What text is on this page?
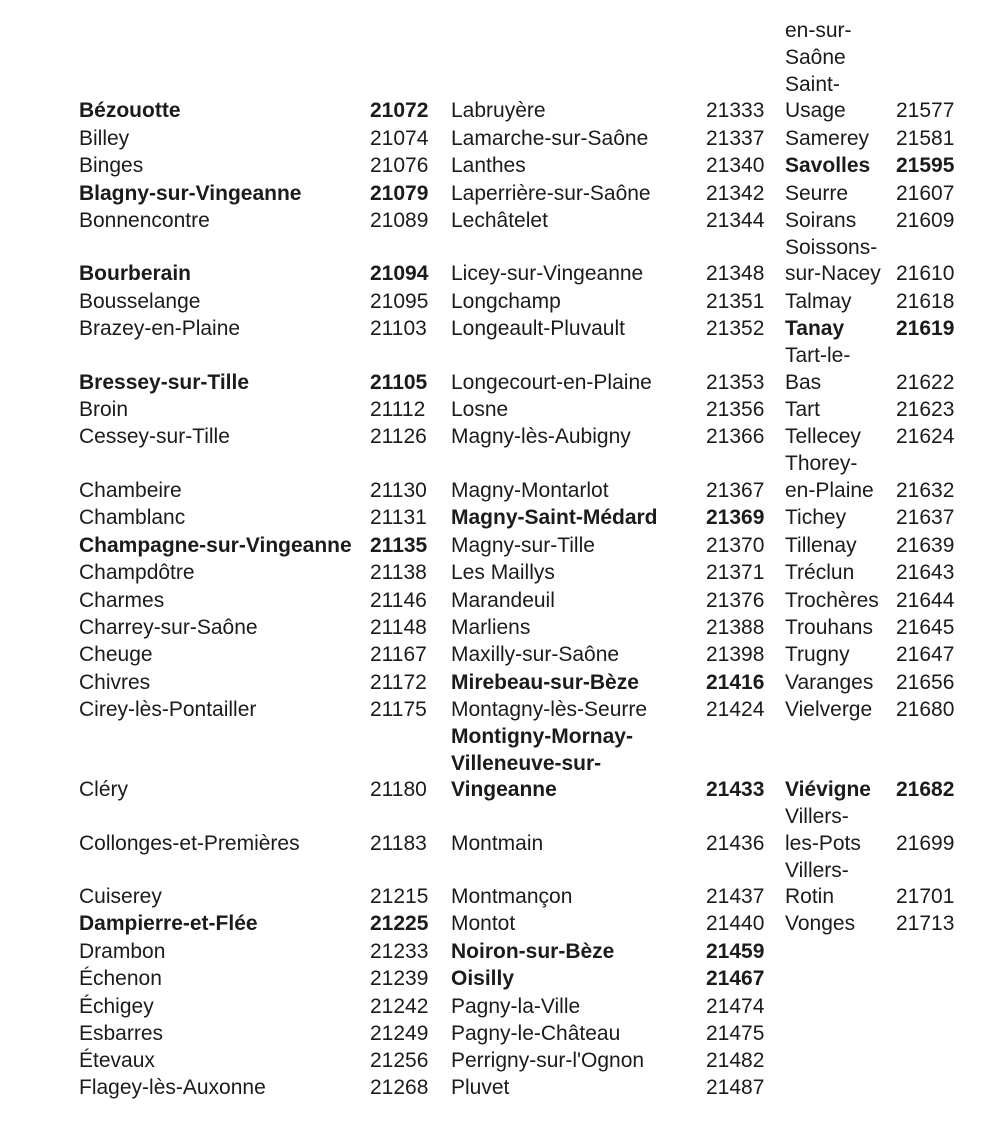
Bézouotte	21072
Billey	21074
Binges	21076
Blagny-sur-Vingeanne	21079
Bonnencontre	21089
Bourberain	21094
Bousselange	21095
Brazey-en-Plaine	21103
Bressey-sur-Tille	21105
Broin	21112
Cessey-sur-Tille	21126
Chambeire	21130
Chamblanc	21131
Champagne-sur-Vingeanne 21135
Champdôtre	21138
Charmes	21146
Charrey-sur-Saône	21148
Cheuge	21167
Chivres	21172
Cirey-lès-Pontailler	21175
Cléry	21180
Collonges-et-Premières	21183
Cuiserey	21215
Dampierre-et-Flée	21225
Drambon	21233
Échenon	21239
Échigey	21242
Esbarres	21249
Étevaux	21256
Flagey-lès-Auxonne	21268
Labruyère	21333
Lamarche-sur-Saône	21337
Lanthes	21340
Laperrière-sur-Saône	21342
Lechâtelet	21344
Licey-sur-Vingeanne	21348
Longchamp	21351
Longeault-Pluvault	21352
Longecourt-en-Plaine	21353
Losne	21356
Magny-lès-Aubigny	21366
Magny-Montarlot	21367
Magny-Saint-Médard 21369
Magny-sur-Tille	21370
Les Maillys	21371
Marandeuil	21376
Marliens	21388
Maxilly-sur-Saône	21398
Mirebeau-sur-Bèze	21416
Montagny-lès-Seurre	21424
Montigny-Mornay-
Villeneuve-sur-
Vingeanne	21433
Montmain	21436
Montmançon	21437
Montot	21440
Noiron-sur-Bèze	21459
Oisilly	21467
Pagny-la-Ville	21474
Pagny-le-Château	21475
Perrigny-sur-l'Ognon	21482
Pluvet	21487
en-sur-
Saône
Saint-
Usage 21577
Samerey 21581
Savolles 21595
Seurre 21607
Soirans 21609
Soissons-
sur-Nacey 21610
Talmay 21618
Tanay 21619
Tart-le-
Bas	21622
Tart	21623
Tellecey 21624
Thorey-
en-Plaine 21632
Tichey 21637
Tillenay 21639
Tréclun 21643
Trochères 21644
Trouhans 21645
Trugny 21647
Varanges 21656
Vielverge 21680
Viévigne 21682
Villers-
les-Pots 21699
Villers-
Rotin	21701
Vonges 21713
